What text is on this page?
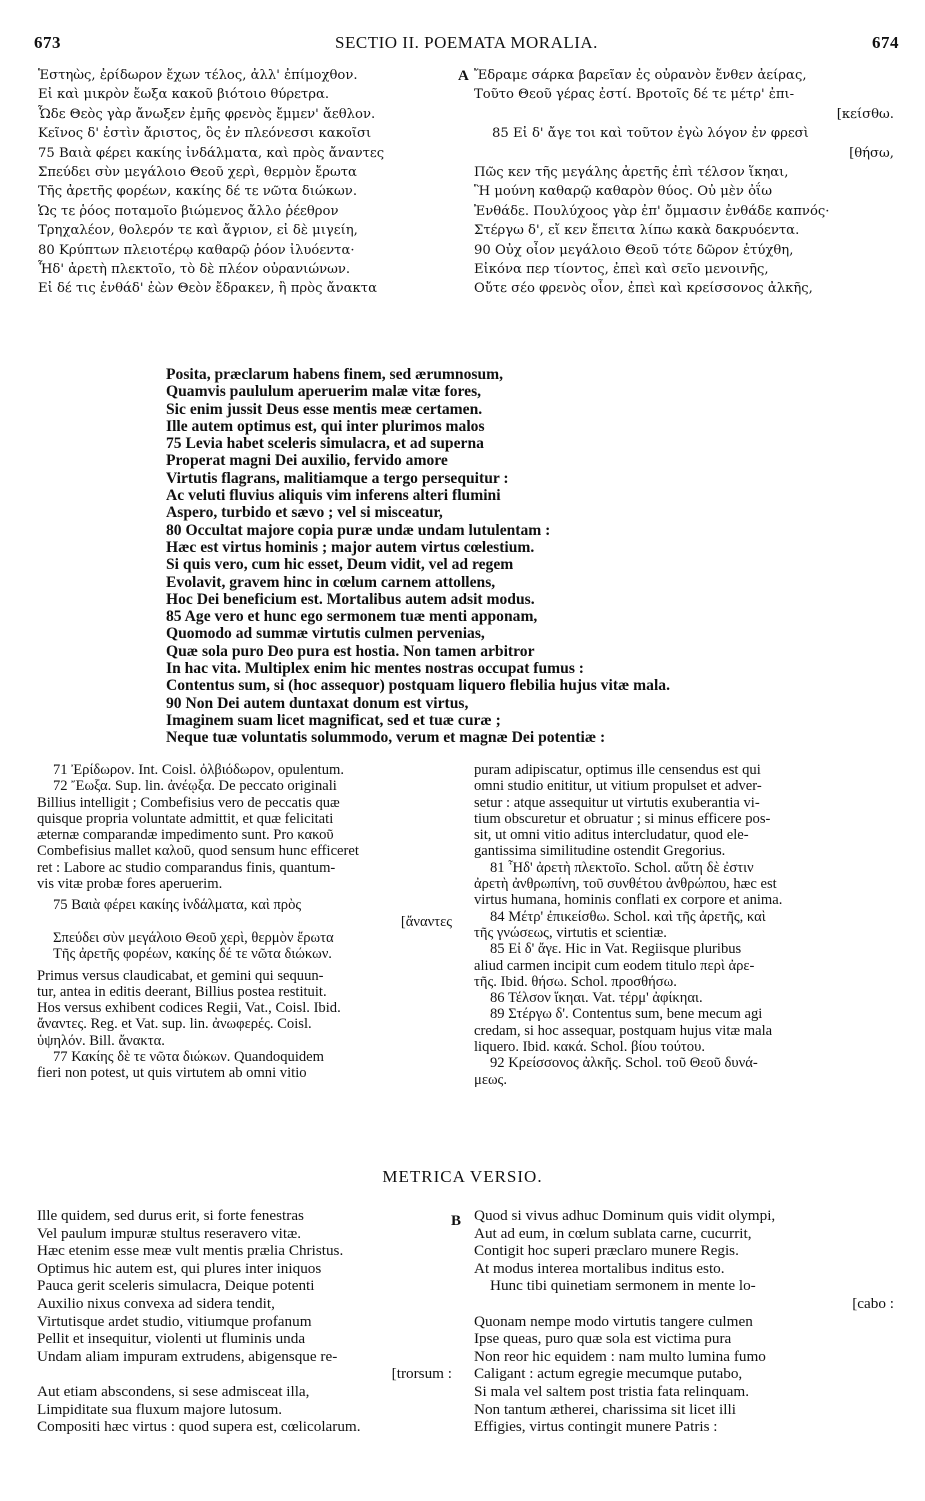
673	SECTIO II. POEMATA MORALIA.	674
A
B
Ἑστηὼς, ἐρίδωρον ἔχων τέλος, ἀλλ' ἐπίμοχθον.
Εἰ καὶ μικρὸν ἔωξα κακοῦ βιότοιο θύρετρα.
Ὧδε Θεὸς γὰρ ἄνωξεν ἐμῆς φρενὸς ἔμμεν' ἄεθλον.
Κεῖνος δ' ἐστὶν ἄριστος, ὃς ἐν πλεόνεσσι κακοῖσι
75 Βαιὰ φέρει κακίης ἰνδάλματα, καὶ πρὸς ἄναντες
Σπεύδει σὺν μεγάλοιο Θεοῦ χερὶ, θερμὸν ἔρωτα
Τῆς ἀρετῆς φορέων, κακίης δέ τε νῶτα διώκων.
Ὡς τε ῥόος ποταμοῖο βιώμενος ἄλλο ῥέεθρον
Τρηχαλέον, θολερόν τε καὶ ἄγριον, εἰ δὲ μιγείη,
80 Κρύπτων πλειοτέρῳ καθαρῷ ῥόον ἰλυόεντα·
Ἧδ' ἀρετὴ πλεκτοῖο, τὸ δὲ πλέον οὐρανιώνων.
Εἰ δέ τις ἐνθάδ' ἐὼν Θεὸν ἔδρακεν, ἢ πρὸς ἄνακτα
Ἔδραμε σάρκα βαρεῖαν ἐς οὐρανὸν ἔνθεν ἀείρας,
Τοῦτο Θεοῦ γέρας ἐστί. Βροτοῖς δέ τε μέτρ' ἐπι-
[κείσθω.
85 Εἰ δ' ἄγε τοι καὶ τοῦτον ἐγὼ λόγον ἐν φρεσὶ
[θήσω,
Πῶς κεν τῆς μεγάλης ἀρετῆς ἐπὶ τέλσον ἵκηαι,
Ἣ μούνη καθαρῷ καθαρὸν θύος. Οὐ μὲν ὀΐω
Ἐνθάδε. Πουλύχοος γὰρ ἐπ' ὄμμασιν ἐνθάδε καπνός·
Στέργω δ', εἴ κεν ἔπειτα λίπω κακὰ δακρυόεντα.
90 Οὐχ οἶον μεγάλοιο Θεοῦ τότε δῶρον ἐτύχθη,
Εἰκόνα περ τίοντος, ἐπεὶ καὶ σεῖο μενοινῆς,
Οὔτε σέο φρενὸς οἶον, ἐπεὶ καὶ κρείσσονος ἀλκῆς,
Posita, præclarum habens finem, sed ærumnosum,
Quamvis paululum aperuerim malæ vitæ fores,
Sic enim jussit Deus esse mentis meæ certamen.
Ille autem optimus est, qui inter plurimos malos
75 Levia habet sceleris simulacra, et ad superna
Properat magni Dei auxilio, fervido amore
Virtutis flagrans, malitiamque a tergo persequitur :
Ac veluti fluvius aliquis vim inferens alteri flumini
Aspero, turbido et sævo ; vel si misceatur,
80 Occultat majore copia puræ undæ undam lutulentam :
Hæc est virtus hominis ; major autem virtus cœlestium.
Si quis vero, cum hic esset, Deum vidit, vel ad regem
Evolavit, gravem hinc in cœlum carnem attollens,
Hoc Dei beneficium est. Mortalibus autem adsit modus.
85 Age vero et hunc ego sermonem tuæ menti apponam,
Quomodo ad summæ virtutis culmen pervenias,
Quæ sola puro Deo pura est hostia. Non tamen arbitror
In hac vita. Multiplex enim hic mentes nostras occupat fumus :
Contentus sum, si (hoc assequor) postquam liquero flebilia hujus vitæ mala.
90 Non Dei autem duntaxat donum est virtus,
Imaginem suam licet magnificat, sed et tuæ curæ ;
Neque tuæ voluntatis solummodo, verum et magnæ Dei potentiæ :
71 Ἐρίδωρον. Int. Coisl. ὀλβιόδωρον, opulentum.
72 Ἔωξα. Sup. lin. ἀνέῳξα. De peccato originali
Billius intelligit ; Combefisius vero de peccatis quæ
quisque propria voluntate admittit, et quæ felicitati
æternæ comparandæ impedimento sunt. Pro κακοῦ
Combefisius mallet καλοῦ, quod sensum hunc efficeret
ret : Labore ac studio comparandus finis, quantum-
vis vitæ probæ fores aperuerim.
75 Βαιὰ φέρει κακίης ἰνδάλματα, καὶ πρὸς
[ἄναντες
Σπεύδει σὺν μεγάλοιο Θεοῦ χερὶ, θερμὸν ἔρωτα
Τῆς ἀρετῆς φορέων, κακίης δέ τε νῶτα διώκων.
Primus versus claudicabat, et gemini qui sequun-
tur, antea in editis deerant, Billius postea restituit.
Hos versus exhibent codices Regii, Vat., Coisl. Ibid.
ἄναντες. Reg. et Vat. sup. lin. ἀνωφερές. Coisl.
ὑψηλόν. Bill. ἄνακτα.
77 Κακίης δὲ τε νῶτα διώκων. Quandoquidem
fieri non potest, ut quis virtutem ab omni vitio
puram adipiscatur, optimus ille censendus est qui
omni studio enititur, ut vitium propulset et adver-
setur : atque assequitur ut virtutis exuberantia vi-
tium obscuretur et obruatur ; si minus efficere pos-
sit, ut omni vitio aditus intercludatur, quod ele-
gantissima similitudine ostendit Gregorius.
81 Ἧδ' ἀρετὴ πλεκτοῖο. Schol. αὕτη δὲ ἐστιν
ἀρετὴ ἀνθρωπίνη, τοῦ συνθέτου ἀνθρώπου, hæc est
virtus humana, hominis conflati ex corpore et anima.
84 Μέτρ' ἐπικείσθω. Schol. καὶ τῆς ἀρετῆς, καὶ
τῆς γνώσεως, virtutis et scientiæ.
85 Εἰ δ' ἄγε. Hic in Vat. Regiisque pluribus
aliud carmen incipit cum eodem titulo περὶ ἀρε-
τῆς. Ibid. θήσω. Schol. προσθήσω.
86 Τέλσον ἵκηαι. Vat. τέρμ' ἀφίκηαι.
89 Στέργω δ'. Contentus sum, bene mecum agi
credam, si hoc assequar, postquam hujus vitæ mala
liquero. Ibid. κακά. Schol. βίου τούτου.
92 Κρείσσονος ἀλκῆς. Schol. τοῦ Θεοῦ δυνά-
μεως.
METRICA VERSIO.
Ille quidem, sed durus erit, si forte fenestras
Vel paulum impuræ stultus reseravero vitæ.
Hæc etenim esse meæ vult mentis prælia Christus.
Optimus hic autem est, qui plures inter iniquos
Pauca gerit sceleris simulacra, Deique potenti
Auxilio nixus convexa ad sidera tendit,
Virtutisque ardet studio, vitiumque profanum
Pellit et insequitur, violenti ut fluminis unda
Undam aliam impuram extrudens, abigensque re-
[trorsum :
Aut etiam abscondens, si sese admisceat illa,
Limpiditate sua fluxum majore lutosum.
Compositi hæc virtus : quod supera est, cœlicolarum.
Quod si vivus adhuc Dominum quis vidit olympi,
Aut ad eum, in cœlum sublata carne, cucurrit,
Contigit hoc superi præclaro munere Regis.
At modus interea mortalibus inditus esto.
Hunc tibi quinetiam sermonem in mente lo-
[cabo :
Quonam nempe modo virtutis tangere culmen
Ipse queas, puro quæ sola est victima pura
Non reor hic equidem : nam multo lumina fumo
Caligant : actum egregie mecumque putabo,
Si mala vel saltem post tristia fata relinquam.
Non tantum ætherei, charissima sit licet illi
Effigies, virtus contingit munere Patris :
